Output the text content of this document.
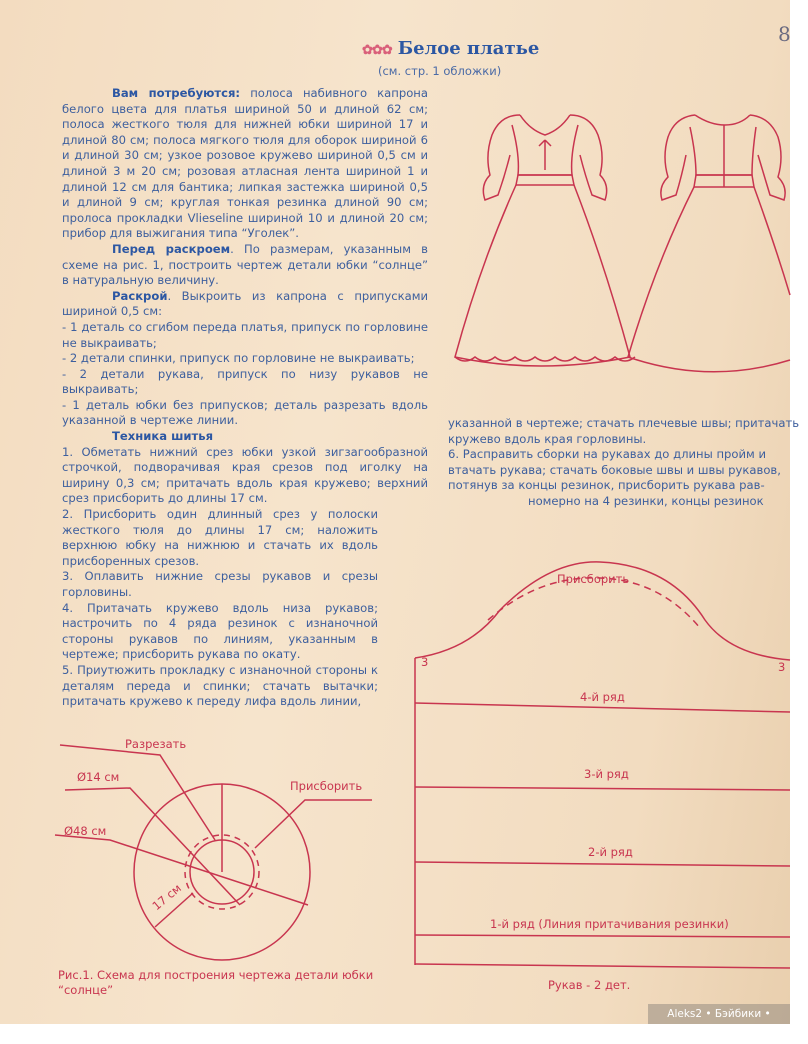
✿✿✿ Белое платье
(см. стр. 1 обложки)
8

Вам потребуются: полоса набивного капрона белого цвета для платья шириной 50 и длиной 62 см; полоса жесткого тюля для нижней юбки шириной 17 и длиной 80 см; полоса мягкого тюля для оборок шириной 6 и длиной 30 см; узкое розовое кружево шириной 0,5 см и длиной 3 м 20 см; розовая атласная лента шириной 1 и длиной 12 см для бантика; липкая застежка шириной 0,5 и длиной 9 см; круглая тонкая резинка длиной 90 см; пролоса прокладки Vlieseline шириной 10 и длиной 20 см; прибор для выжигания типа “Уголек”.

Перед раскроем. По размерам, указанным в схеме на рис. 1, построить чертеж детали юбки “солнце” в натуральную величину.

Раскрой. Выкроить из капрона с припусками шириной 0,5 см:

- 1 деталь со сгибом переда платья, припуск по горловине не выкраивать;

- 2 детали спинки, припуск по горловине не выкраивать;

- 2 детали рукава, припуск по низу рукавов не выкраивать;

- 1 деталь юбки без припусков; деталь разрезать вдоль указанной в чертеже линии.

Техника шитья

1. Обметать нижний срез юбки узкой зигзагообразной строчкой, подворачивая края срезов под иголку на ширину 0,3 см; притачать вдоль края кружево; верхний срез присборить до длины 17 см.

2. Присборить один длинный срез у полоски жесткого тюля до длины 17 см; наложить верхнюю юбку на нижнюю и стачать их вдоль присборенных срезов.

3. Оплавить нижние срезы рукавов и срезы горловины.

4. Притачать кружево вдоль низа рукавов; настрочить по 4 ряда резинок с изнаночной стороны рукавов по линиям, указанным в чертеже; присборить рукава по окату.

5. Приутюжить прокладку с изнаночной стороны к деталям переда и спинки; стачать вытачки; притачать кружево к переду лифа вдоль линии,

указанной в чертеже; стачать плечевые швы; притачать

кружево вдоль края горловины.

6. Расправить сборки на рукавах до длины пройм и

втачать рукава; стачать боковые швы и швы рукавов,

потянув за концы резинок, присборить рукава рав-

номерно на 4 резинки, концы резинок

Разрезать
Ø14 см
Присборить
Ø48 см
17 см
Рис.1. Схема для построения чертежа детали юбки “солнце”
Присборить
3	3
4-й ряд
3-й ряд
2-й ряд
1-й ряд (Линия притачивания резинки)
Рукав - 2 дет.
Aleks2 • Бэйбики • babiki.ru
